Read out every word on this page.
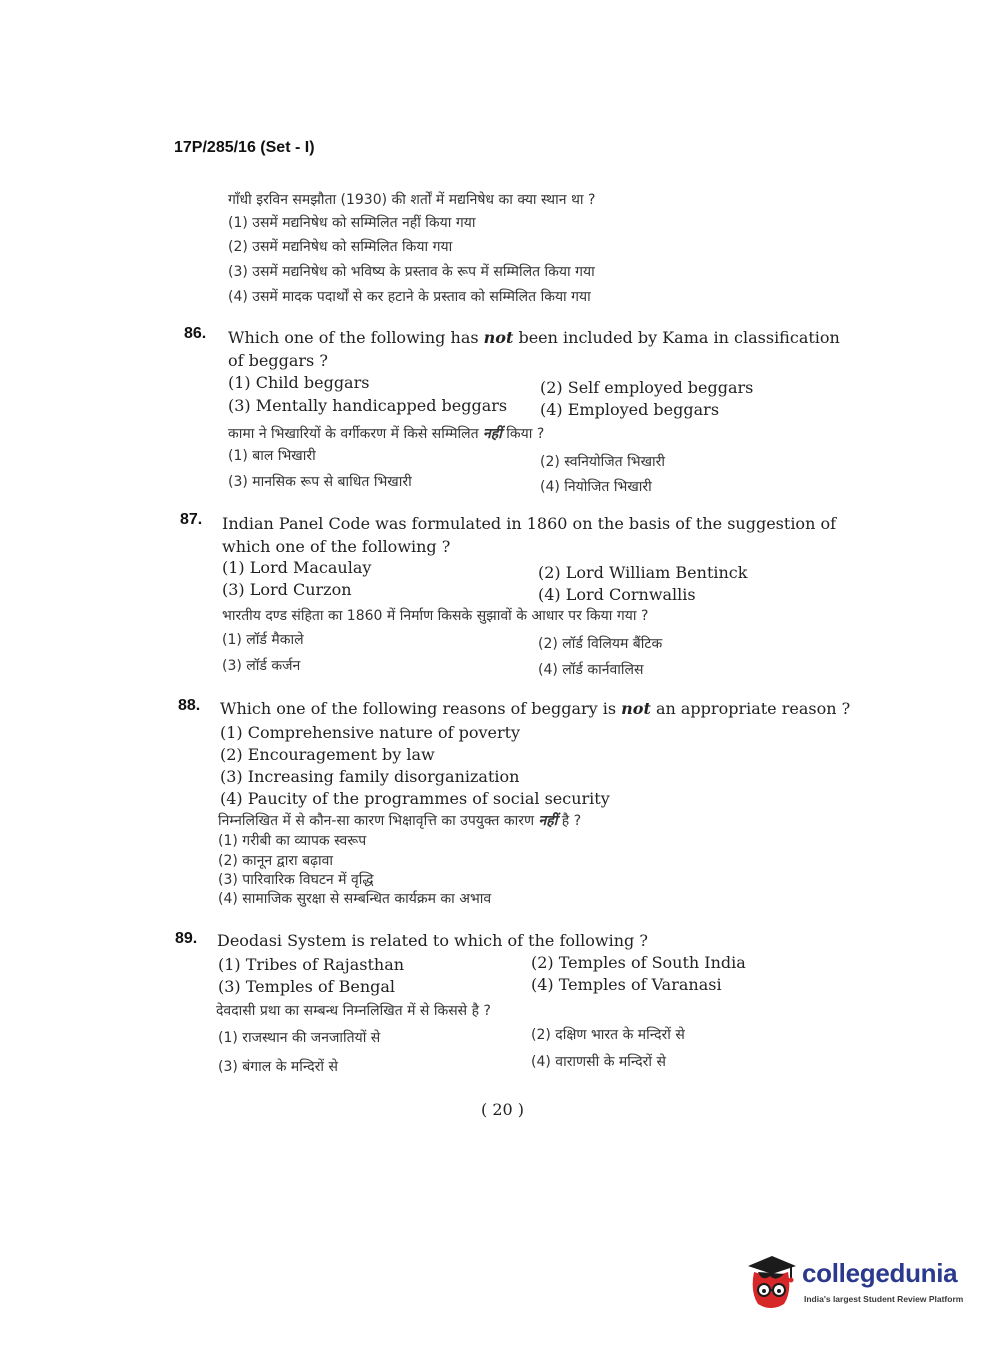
17P/285/16 (Set - I)
गाँधी इरविन समझौता (1930) की शर्तों में मद्यनिषेध का क्या स्थान था ?
(1) उसमें मद्यनिषेध को सम्मिलित नहीं किया गया
(2) उसमें मद्यनिषेध को सम्मिलित किया गया
(3) उसमें मद्यनिषेध को भविष्य के प्रस्ताव के रूप में सम्मिलित किया गया
(4) उसमें मादक पदार्थों से कर हटाने के प्रस्ताव को सम्मिलित किया गया
86. Which one of the following has not been included by Kama in classification of beggars ?
(1) Child beggars	(2) Self employed beggars
(3) Mentally handicapped beggars (4) Employed beggars
कामा ने भिखारियों के वर्गीकरण में किसे सम्मिलित नहीं किया ?
(1) बाल भिखारी	(2) स्वनियोजित भिखारी
(3) मानसिक रूप से बाधित भिखारी	(4) नियोजित भिखारी
87. Indian Panel Code was formulated in 1860 on the basis of the suggestion of which one of the following ?
(1) Lord Macaulay	(2) Lord William Bentinck
(3) Lord Curzon	(4) Lord Cornwallis
भारतीय दण्ड संहिता का 1860 में निर्माण किसके सुझावों के आधार पर किया गया ?
(1) लॉर्ड मैकाले	(2) लॉर्ड विलियम बैंटिक
(3) लॉर्ड कर्जन	(4) लॉर्ड कार्नवालिस
88. Which one of the following reasons of beggary is not an appropriate reason ?
(1) Comprehensive nature of poverty
(2) Encouragement by law
(3) Increasing family disorganization
(4) Paucity of the programmes of social security
निम्नलिखित में से कौन-सा कारण भिक्षावृत्ति का उपयुक्त कारण नहीं है ?
(1) गरीबी का व्यापक स्वरूप
(2) कानून द्वारा बढ़ावा
(3) पारिवारिक विघटन में वृद्धि
(4) सामाजिक सुरक्षा से सम्बन्धित कार्यक्रम का अभाव
89. Deodasi System is related to which of the following ?
(1) Tribes of Rajasthan	(2) Temples of South India
(3) Temples of Bengal	(4) Temples of Varanasi
देवदासी प्रथा का सम्बन्ध निम्नलिखित में से किससे है ?
(1) राजस्थान की जनजातियों से	(2) दक्षिण भारत के मन्दिरों से
(3) बंगाल के मन्दिरों से	(4) वाराणसी के मन्दिरों से
( 20 )
collegedunia
India's largest Student Review Platform
